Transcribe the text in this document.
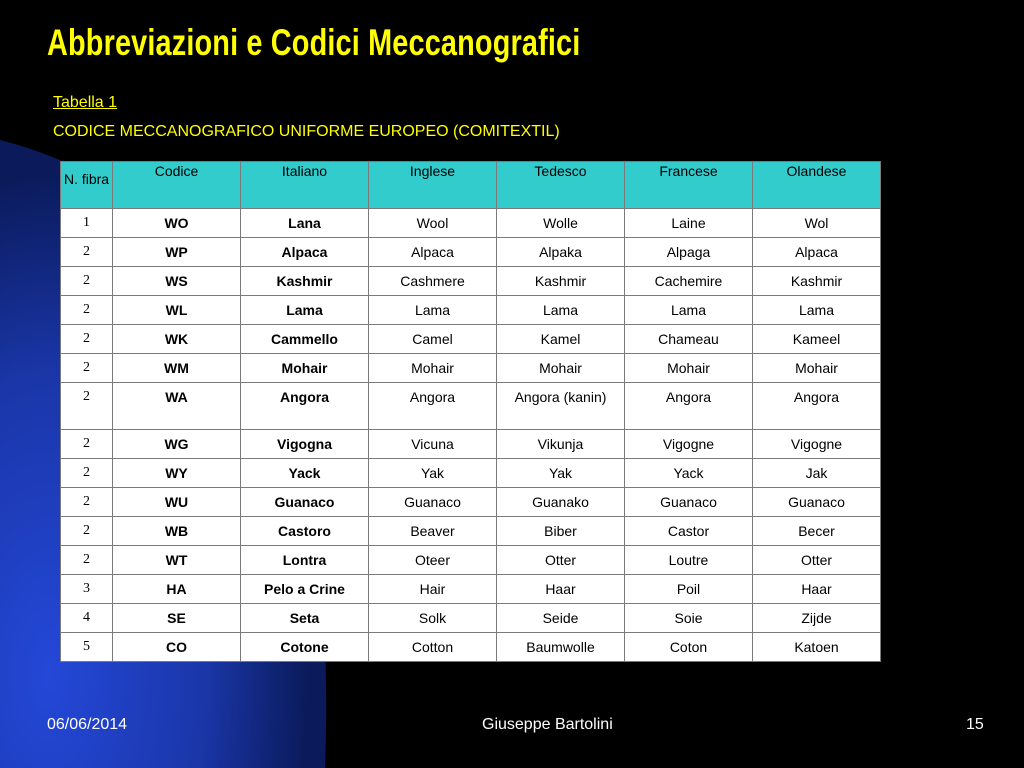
Abbreviazioni e Codici Meccanografici
Tabella 1
CODICE MECCANOGRAFICO UNIFORME EUROPEO (COMITEXTIL)
N. fibra	Codice	Italiano	Inglese	Tedesco	Francese	Olandese
1	WO	Lana	Wool	Wolle	Laine	Wol
2	WP	Alpaca	Alpaca	Alpaka	Alpaga	Alpaca
2	WS	Kashmir	Cashmere	Kashmir	Cachemire	Kashmir
2	WL	Lama	Lama	Lama	Lama	Lama
2	WK	Cammello	Camel	Kamel	Chameau	Kameel
2	WM	Mohair	Mohair	Mohair	Mohair	Mohair
2	WA	Angora	Angora	Angora (kanin)	Angora	Angora
2	WG	Vigogna	Vicuna	Vikunja	Vigogne	Vigogne
2	WY	Yack	Yak	Yak	Yack	Jak
2	WU	Guanaco	Guanaco	Guanako	Guanaco	Guanaco
2	WB	Castoro	Beaver	Biber	Castor	Becer
2	WT	Lontra	Oteer	Otter	Loutre	Otter
3	HA	Pelo a Crine	Hair	Haar	Poil	Haar
4	SE	Seta	Solk	Seide	Soie	Zijde
5	CO	Cotone	Cotton	Baumwolle	Coton	Katoen
06/06/2014	Giuseppe Bartolini	15
